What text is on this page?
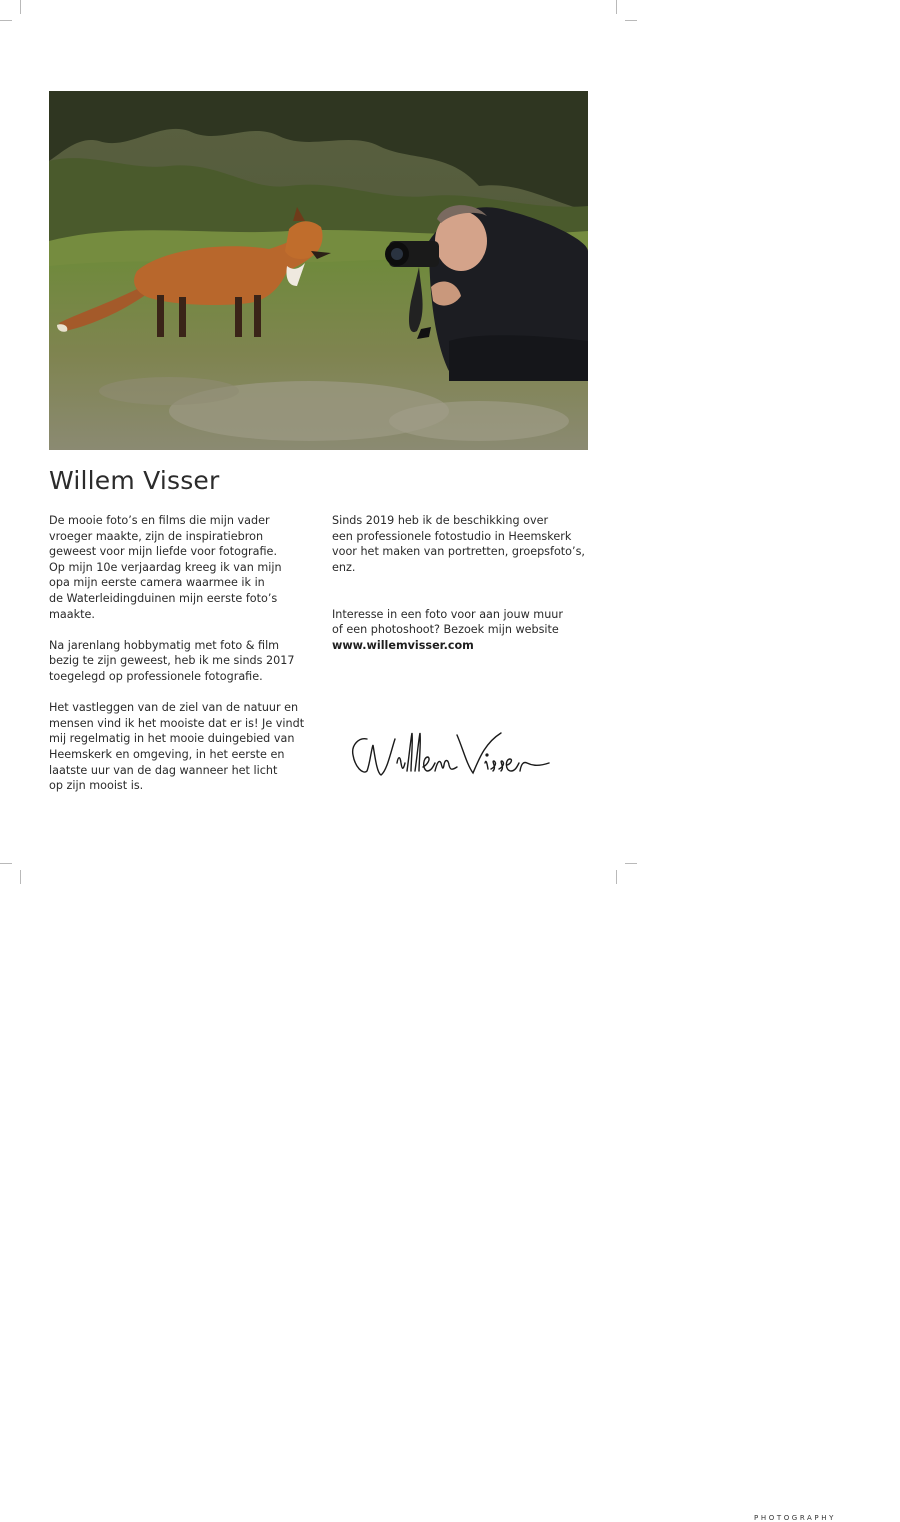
Willem Visser

De mooie foto’s en films die mijn vader
vroeger maakte, zijn de inspiratiebron
geweest voor mijn liefde voor fotografie.
Op mijn 10e verjaardag kreeg ik van mijn
opa mijn eerste camera waarmee ik in
de Waterleidingduinen mijn eerste foto’s
maakte.

Na jarenlang hobbymatig met foto & film
bezig te zijn geweest, heb ik me sinds 2017
toegelegd op professionele fotografie.

Het vastleggen van de ziel van de natuur en
mensen vind ik het mooiste dat er is! Je vindt
mij regelmatig in het mooie duingebied van
Heemskerk en omgeving, in het eerste en
laatste uur van de dag wanneer het licht
op zijn mooist is.

Sinds 2019 heb ik de beschikking over
een professionele fotostudio in Heemskerk
voor het maken van portretten, groepsfoto’s,
enz.

Interesse in een foto voor aan jouw muur
of een photoshoot? Bezoek mijn website

www.willemvisser.com

PHOTOGRAPHY
